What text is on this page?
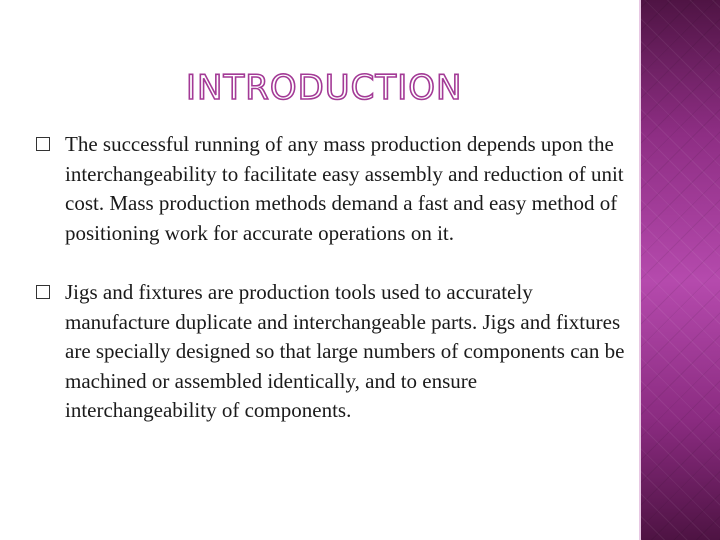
INTRODUCTION
The successful running of any mass production depends upon the interchangeability to facilitate easy assembly and reduction of unit cost. Mass production methods demand a fast and easy method of positioning work for accurate operations on it.
Jigs and fixtures are production tools used to accurately manufacture duplicate and interchangeable parts. Jigs and fixtures are specially designed so that large numbers of components can be machined or assembled identically, and to ensure interchangeability of components.
